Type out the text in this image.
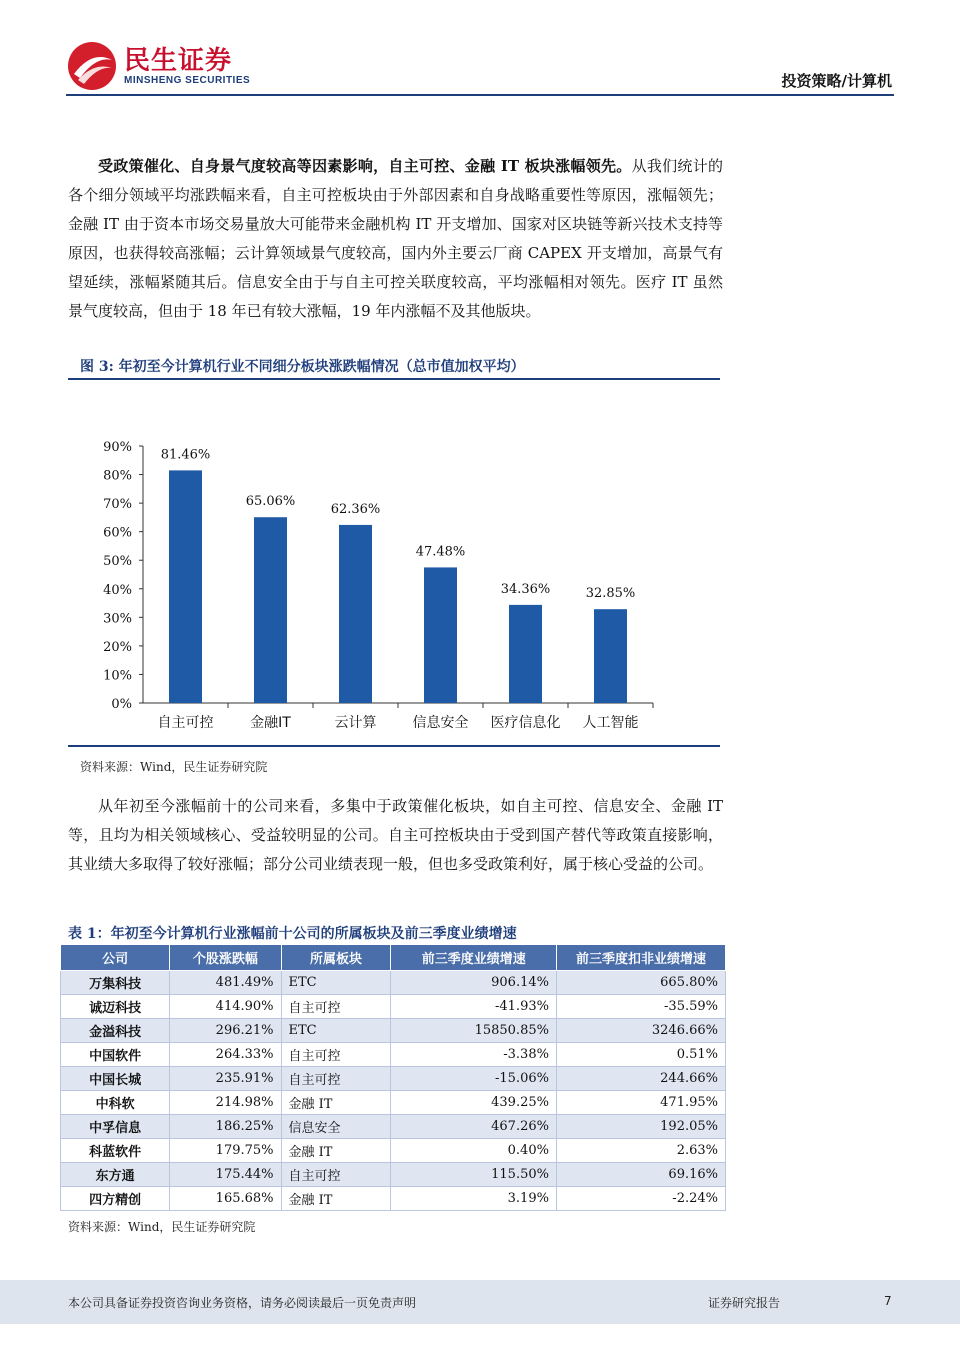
民生证券
MINSHENG SECURITIES	投资策略/计算机
受政策催化、自身景气度较高等因素影响，自主可控、金融 IT 板块涨幅领先。从我们统计的各个细分领域平均涨跌幅来看，自主可控板块由于外部因素和自身战略重要性等原因，涨幅领先；金融 IT 由于资本市场交易量放大可能带来金融机构 IT 开支增加、国家对区块链等新兴技术支持等原因，也获得较高涨幅；云计算领域景气度较高，国内外主要云厂商 CAPEX 开支增加，高景气有望延续，涨幅紧随其后。信息安全由于与自主可控关联度较高，平均涨幅相对领先。医疗 IT 虽然景气度较高，但由于 18 年已有较大涨幅，19 年内涨幅不及其他版块。
图 3: 年初至今计算机行业不同细分板块涨跌幅情况（总市值加权平均）
0%
10%
20%
30%
40%
50%
60%
70%
80%
90% 81.46%
自主可控
65.06%
金融IT
62.36%
云计算
47.48%
信息安全
34.36%
医疗信息化
32.85%
人工智能
资料来源：Wind，民生证券研究院
从年初至今涨幅前十的公司来看，多集中于政策催化板块，如自主可控、信息安全、金融 IT 等，且均为相关领域核心、受益较明显的公司。自主可控板块由于受到国产替代等政策直接影响，其业绩大多取得了较好涨幅；部分公司业绩表现一般，但也多受政策利好，属于核心受益的公司。
表 1：年初至今计算机行业涨幅前十公司的所属板块及前三季度业绩增速
公司	个股涨跌幅	所属板块	前三季度业绩增速	前三季度扣非业绩增速
万集科技	481.49%	ETC	906.14%	665.80%
诚迈科技	414.90%	自主可控	-41.93%	-35.59%
金溢科技	296.21%	ETC	15850.85%	3246.66%
中国软件	264.33%	自主可控	-3.38%	0.51%
中国长城	235.91%	自主可控	-15.06%	244.66%
中科软	214.98%	金融 IT	439.25%	471.95%
中孚信息	186.25%	信息安全	467.26%	192.05%
科蓝软件	179.75%	金融 IT	0.40%	2.63%
东方通	175.44%	自主可控	115.50%	69.16%
四方精创	165.68%	金融 IT	3.19%	-2.24%
资料来源：Wind，民生证券研究院
本公司具备证券投资咨询业务资格，请务必阅读最后一页免责声明	证券研究报告	7
